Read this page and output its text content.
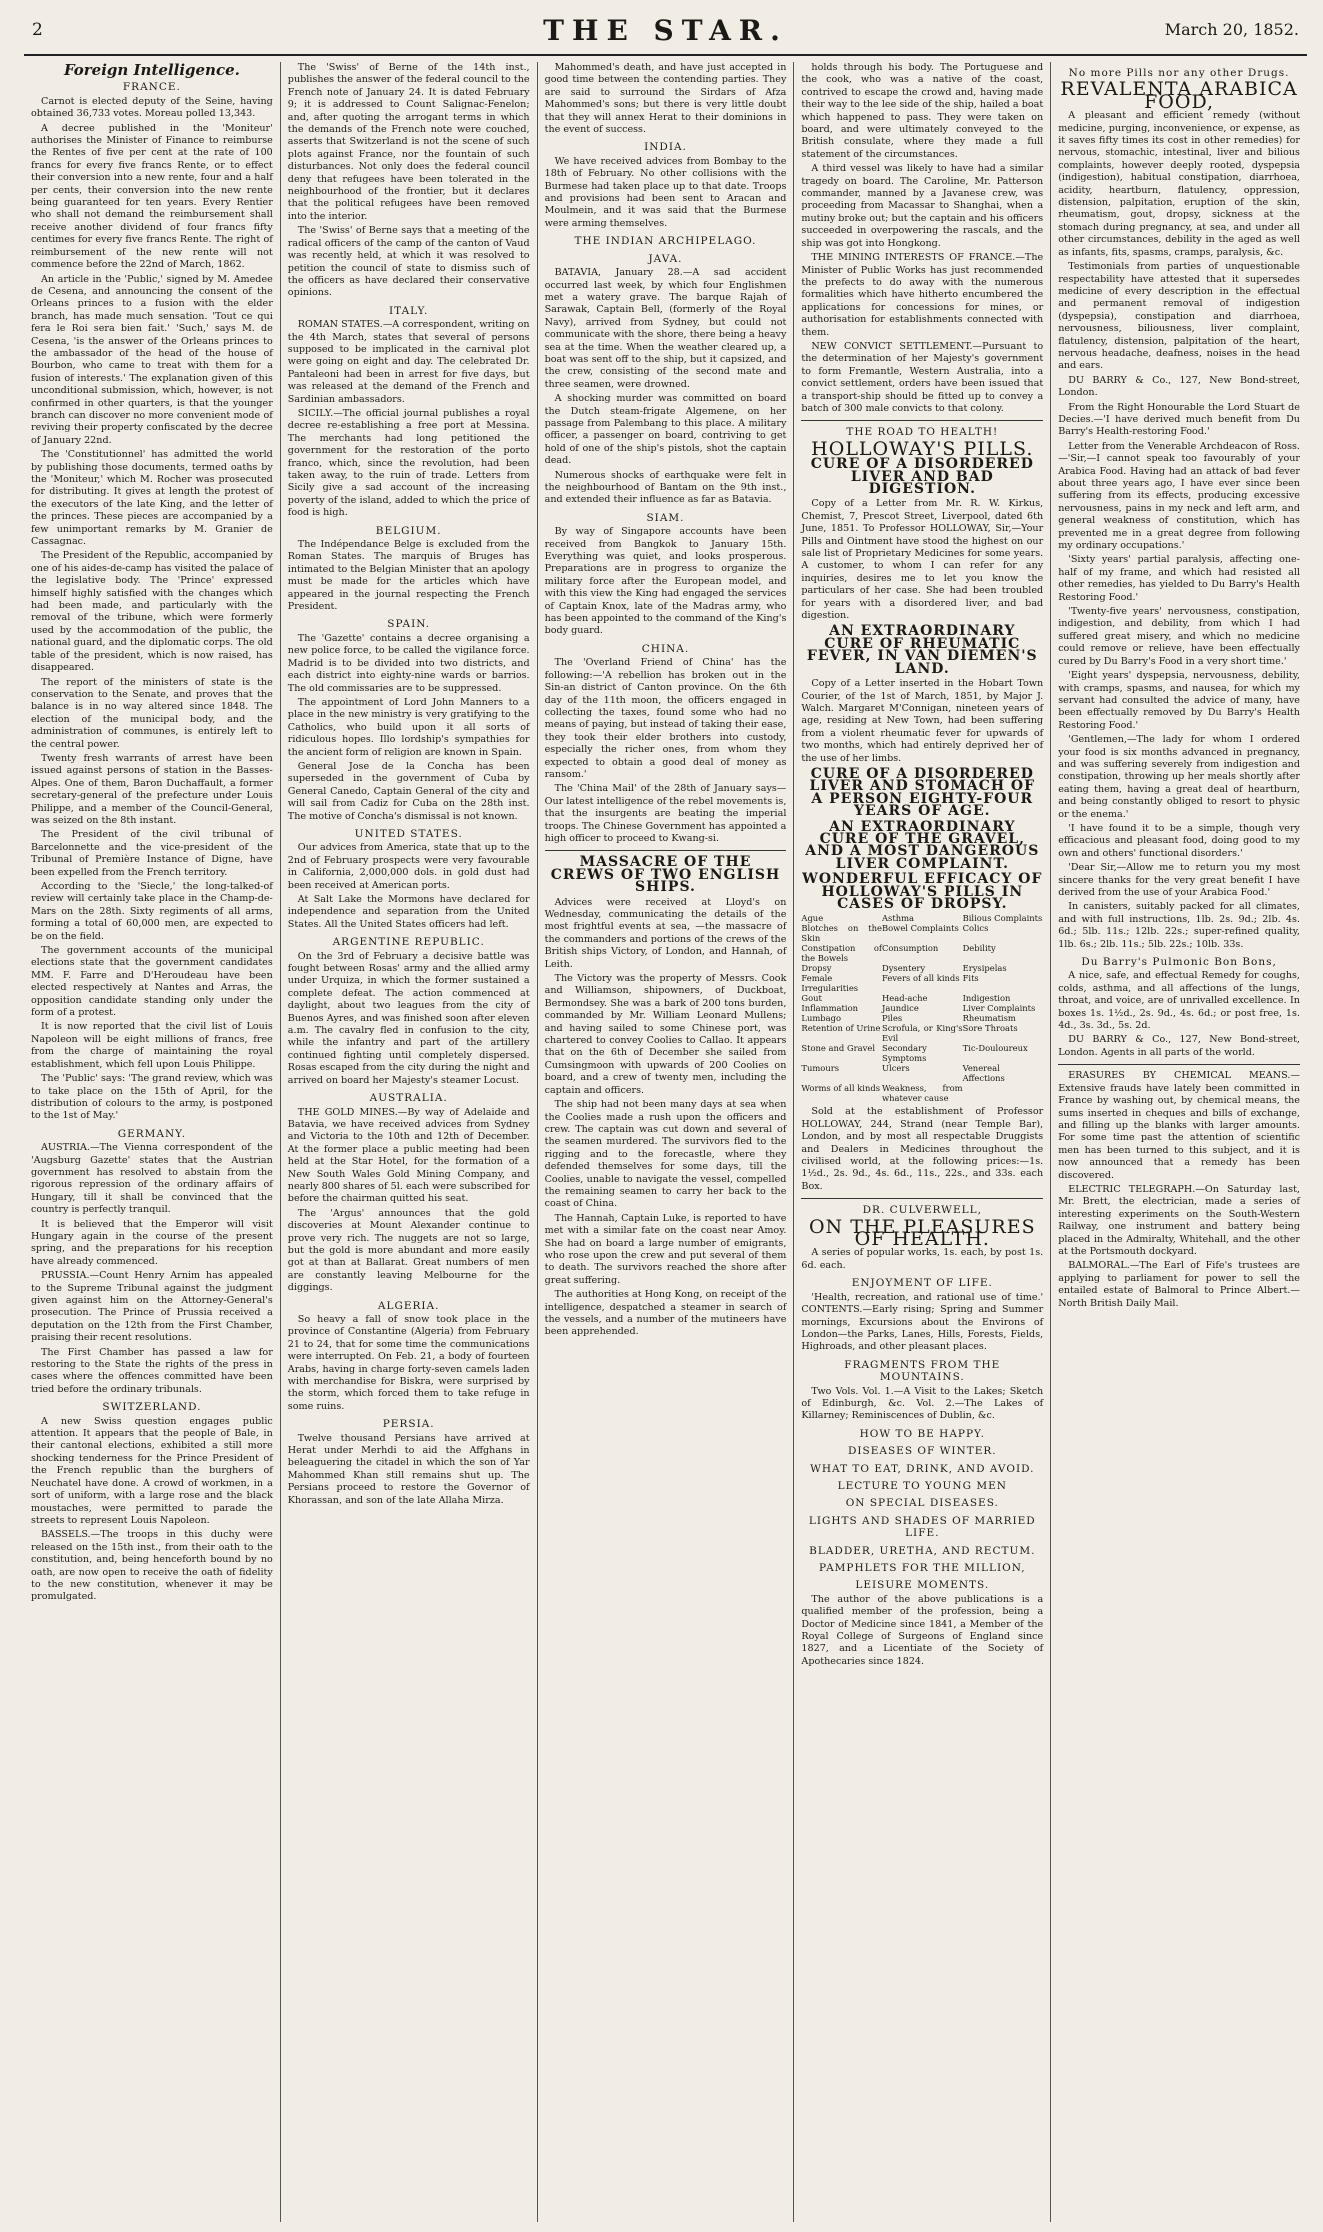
2	THE STAR.	March 20, 1852.
Foreign Intelligence.
FRANCE.

Carnot is elected deputy of the Seine, having obtained 36,733 votes. Moreau polled 13,343.

A decree published in the 'Moniteur' authorises the Minister of Finance to reimburse the Rentes of five per cent at the rate of 100 francs for every five francs Rente, or to effect their conversion into a new rente, four and a half per cents, their conversion into the new rente being guaranteed for ten years. Every Rentier who shall not demand the reimbursement shall receive another dividend of four francs fifty centimes for every five francs Rente. The right of reimbursement of the new rente will not commence before the 22nd of March, 1862.

An article in the 'Public,' signed by M. Amedee de Cesena, and announcing the consent of the Orleans princes to a fusion with the elder branch, has made much sensation. 'Tout ce qui fera le Roi sera bien fait.' 'Such,' says M. de Cesena, 'is the answer of the Orleans princes to the ambassador of the head of the house of Bourbon, who came to treat with them for a fusion of interests.' The explanation given of this unconditional submission, which, however, is not confirmed in other quarters, is that the younger branch can discover no more convenient mode of reviving their property confiscated by the decree of January 22nd.

The 'Constitutionnel' has admitted the world by publishing those documents, termed oaths by the 'Moniteur,' which M. Rocher was prosecuted for distributing. It gives at length the protest of the executors of the late King, and the letter of the princes. These pieces are accompanied by a few unimportant remarks by M. Granier de Cassagnac.

The President of the Republic, accompanied by one of his aides-de-camp has visited the palace of the legislative body. The 'Prince' expressed himself highly satisfied with the changes which had been made, and particularly with the removal of the tribune, which were formerly used by the accommodation of the public, the national guard, and the diplomatic corps. The old table of the president, which is now raised, has disappeared.

The report of the ministers of state is the conservation to the Senate, and proves that the balance is in no way altered since 1848. The election of the municipal body, and the administration of communes, is entirely left to the central power.

Twenty fresh warrants of arrest have been issued against persons of station in the Basses-Alpes. One of them, Baron Duchaffault, a former secretary-general of the prefecture under Louis Philippe, and a member of the Council-General, was seized on the 8th instant.

The President of the civil tribunal of Barcelonnette and the vice-president of the Tribunal of Première Instance of Digne, have been expelled from the French territory.

According to the 'Siecle,' the long-talked-of review will certainly take place in the Champ-de-Mars on the 28th. Sixty regiments of all arms, forming a total of 60,000 men, are expected to be on the field.

The government accounts of the municipal elections state that the government candidates MM. F. Farre and D'Heroudeau have been elected respectively at Nantes and Arras, the opposition candidate standing only under the form of a protest.

It is now reported that the civil list of Louis Napoleon will be eight millions of francs, free from the charge of maintaining the royal establishment, which fell upon Louis Philippe.

The 'Public' says: 'The grand review, which was to take place on the 15th of April, for the distribution of colours to the army, is postponed to the 1st of May.'

GERMANY.

AUSTRIA.—The Vienna correspondent of the 'Augsburg Gazette' states that the Austrian government has resolved to abstain from the rigorous repression of the ordinary affairs of Hungary, till it shall be convinced that the country is perfectly tranquil.

It is believed that the Emperor will visit Hungary again in the course of the present spring, and the preparations for his reception have already commenced.

PRUSSIA.—Count Henry Arnim has appealed to the Supreme Tribunal against the judgment given against him on the Attorney-General's prosecution. The Prince of Prussia received a deputation on the 12th from the First Chamber, praising their recent resolutions.

The First Chamber has passed a law for restoring to the State the rights of the press in cases where the offences committed have been tried before the ordinary tribunals.

SWITZERLAND.

A new Swiss question engages public attention. It appears that the people of Bale, in their cantonal elections, exhibited a still more shocking tenderness for the Prince President of the French republic than the burghers of Neuchatel have done. A crowd of workmen, in a sort of uniform, with a large rose and the black moustaches, were permitted to parade the streets to represent Louis Napoleon.

BASSELS.—The troops in this duchy were released on the 15th inst., from their oath to the constitution, and, being henceforth bound by no oath, are now open to receive the oath of fidelity to the new constitution, whenever it may be promulgated.

The 'Swiss' of Berne of the 14th inst., publishes the answer of the federal council to the French note of January 24. It is dated February 9; it is addressed to Count Salignac-Fenelon; and, after quoting the arrogant terms in which the demands of the French note were couched, asserts that Switzerland is not the scene of such plots against France, nor the fountain of such disturbances. Not only does the federal council deny that refugees have been tolerated in the neighbourhood of the frontier, but it declares that the political refugees have been removed into the interior.

The 'Swiss' of Berne says that a meeting of the radical officers of the camp of the canton of Vaud was recently held, at which it was resolved to petition the council of state to dismiss such of the officers as have declared their conservative opinions.

ITALY.

ROMAN STATES.—A correspondent, writing on the 4th March, states that several of persons supposed to be implicated in the carnival plot were going on eight and day. The celebrated Dr. Pantaleoni had been in arrest for five days, but was released at the demand of the French and Sardinian ambassadors.

SICILY.—The official journal publishes a royal decree re-establishing a free port at Messina. The merchants had long petitioned the government for the restoration of the porto franco, which, since the revolution, had been taken away, to the ruin of trade. Letters from Sicily give a sad account of the increasing poverty of the island, added to which the price of food is high.

BELGIUM.

The Indépendance Belge is excluded from the Roman States. The marquis of Bruges has intimated to the Belgian Minister that an apology must be made for the articles which have appeared in the journal respecting the French President.

SPAIN.

The 'Gazette' contains a decree organising a new police force, to be called the vigilance force. Madrid is to be divided into two districts, and each district into eighty-nine wards or barrios. The old commissaries are to be suppressed.

The appointment of Lord John Manners to a place in the new ministry is very gratifying to the Catholics, who build upon it all sorts of ridiculous hopes. Illo lordship's sympathies for the ancient form of religion are known in Spain.

General Jose de la Concha has been superseded in the government of Cuba by General Canedo, Captain General of the city and will sail from Cadiz for Cuba on the 28th inst. The motive of Concha's dismissal is not known.

UNITED STATES.

Our advices from America, state that up to the 2nd of February prospects were very favourable in California, 2,000,000 dols. in gold dust had been received at American ports.

At Salt Lake the Mormons have declared for independence and separation from the United States. All the United States officers had left.

ARGENTINE REPUBLIC.

On the 3rd of February a decisive battle was fought between Rosas' army and the allied army under Urquiza, in which the former sustained a complete defeat. The action commenced at daylight, about two leagues from the city of Buenos Ayres, and was finished soon after eleven a.m. The cavalry fled in confusion to the city, while the infantry and part of the artillery continued fighting until completely dispersed. Rosas escaped from the city during the night and arrived on board her Majesty's steamer Locust.

AUSTRALIA.

THE GOLD MINES.—By way of Adelaide and Batavia, we have received advices from Sydney and Victoria to the 10th and 12th of December. At the former place a public meeting had been held at the Star Hotel, for the formation of a New South Wales Gold Mining Company, and nearly 800 shares of 5l. each were subscribed for before the chairman quitted his seat.

The 'Argus' announces that the gold discoveries at Mount Alexander continue to prove very rich. The nuggets are not so large, but the gold is more abundant and more easily got at than at Ballarat. Great numbers of men are constantly leaving Melbourne for the diggings.

ALGERIA.

So heavy a fall of snow took place in the province of Constantine (Algeria) from February 21 to 24, that for some time the communications were interrupted. On Feb. 21, a body of fourteen Arabs, having in charge forty-seven camels laden with merchandise for Biskra, were surprised by the storm, which forced them to take refuge in some ruins.

PERSIA.

Twelve thousand Persians have arrived at Herat under Merhdi to aid the Affghans in beleaguering the citadel in which the son of Yar Mahommed Khan still remains shut up. The Persians proceed to restore the Governor of Khorassan, and son of the late Allaha Mirza.

Mahommed's death, and have just accepted in good time between the contending parties. They are said to surround the Sirdars of Afza Mahommed's sons; but there is very little doubt that they will annex Herat to their dominions in the event of success.

INDIA.

We have received advices from Bombay to the 18th of February. No other collisions with the Burmese had taken place up to that date. Troops and provisions had been sent to Aracan and Moulmein, and it was said that the Burmese were arming themselves.

THE INDIAN ARCHIPELAGO.
JAVA.

BATAVIA, January 28.—A sad accident occurred last week, by which four Englishmen met a watery grave. The barque Rajah of Sarawak, Captain Bell, (formerly of the Royal Navy), arrived from Sydney, but could not communicate with the shore, there being a heavy sea at the time. When the weather cleared up, a boat was sent off to the ship, but it capsized, and the crew, consisting of the second mate and three seamen, were drowned.

A shocking murder was committed on board the Dutch steam-frigate Algemene, on her passage from Palembang to this place. A military officer, a passenger on board, contriving to get hold of one of the ship's pistols, shot the captain dead.

Numerous shocks of earthquake were felt in the neighbourhood of Bantam on the 9th inst., and extended their influence as far as Batavia.

SIAM.

By way of Singapore accounts have been received from Bangkok to January 15th. Everything was quiet, and looks prosperous. Preparations are in progress to organize the military force after the European model, and with this view the King had engaged the services of Captain Knox, late of the Madras army, who has been appointed to the command of the King's body guard.

CHINA.

The 'Overland Friend of China' has the following:—'A rebellion has broken out in the Sin-an district of Canton province. On the 6th day of the 11th moon, the officers engaged in collecting the taxes, found some who had no means of paying, but instead of taking their ease, they took their elder brothers into custody, especially the richer ones, from whom they expected to obtain a good deal of money as ransom.'

The 'China Mail' of the 28th of January says—Our latest intelligence of the rebel movements is, that the insurgents are beating the imperial troops. The Chinese Government has appointed a high officer to proceed to Kwang-si.

MASSACRE OF THE CREWS OF TWO ENGLISH SHIPS.

Advices were received at Lloyd's on Wednesday, communicating the details of the most frightful events at sea, —the massacre of the commanders and portions of the crews of the British ships Victory, of London, and Hannah, of Leith.

The Victory was the property of Messrs. Cook and Williamson, shipowners, of Duckboat, Bermondsey. She was a bark of 200 tons burden, commanded by Mr. William Leonard Mullens; and having sailed to some Chinese port, was chartered to convey Coolies to Callao. It appears that on the 6th of December she sailed from Cumsingmoon with upwards of 200 Coolies on board, and a crew of twenty men, including the captain and officers.

The ship had not been many days at sea when the Coolies made a rush upon the officers and crew. The captain was cut down and several of the seamen murdered. The survivors fled to the rigging and to the forecastle, where they defended themselves for some days, till the Coolies, unable to navigate the vessel, compelled the remaining seamen to carry her back to the coast of China.

The Hannah, Captain Luke, is reported to have met with a similar fate on the coast near Amoy. She had on board a large number of emigrants, who rose upon the crew and put several of them to death. The survivors reached the shore after great suffering.

The authorities at Hong Kong, on receipt of the intelligence, despatched a steamer in search of the vessels, and a number of the mutineers have been apprehended.

holds through his body. The Portuguese and the cook, who was a native of the coast, contrived to escape the crowd and, having made their way to the lee side of the ship, hailed a boat which happened to pass. They were taken on board, and were ultimately conveyed to the British consulate, where they made a full statement of the circumstances.

A third vessel was likely to have had a similar tragedy on board. The Caroline, Mr. Patterson commander, manned by a Javanese crew, was proceeding from Macassar to Shanghai, when a mutiny broke out; but the captain and his officers succeeded in overpowering the rascals, and the ship was got into Hongkong.

THE MINING INTERESTS OF FRANCE.—The Minister of Public Works has just recommended the prefects to do away with the numerous formalities which have hitherto encumbered the applications for concessions for mines, or authorisation for establishments connected with them.

NEW CONVICT SETTLEMENT.—Pursuant to the determination of her Majesty's government to form Fremantle, Western Australia, into a convict settlement, orders have been issued that a transport-ship should be fitted up to convey a batch of 300 male convicts to that colony.

THE ROAD TO HEALTH!
HOLLOWAY'S PILLS.
CURE OF A DISORDERED LIVER AND BAD DIGESTION.

Copy of a Letter from Mr. R. W. Kirkus, Chemist, 7, Prescot Street, Liverpool, dated 6th June, 1851. To Professor HOLLOWAY, Sir,—Your Pills and Ointment have stood the highest on our sale list of Proprietary Medicines for some years. A customer, to whom I can refer for any inquiries, desires me to let you know the particulars of her case. She had been troubled for years with a disordered liver, and bad digestion.

AN EXTRAORDINARY CURE OF RHEUMATIC FEVER, IN VAN DIEMEN'S LAND.

Copy of a Letter inserted in the Hobart Town Courier, of the 1st of March, 1851, by Major J. Walch. Margaret M'Connigan, nineteen years of age, residing at New Town, had been suffering from a violent rheumatic fever for upwards of two months, which had entirely deprived her of the use of her limbs.

CURE OF A DISORDERED LIVER AND STOMACH OF A PERSON EIGHTY-FOUR YEARS OF AGE.
AN EXTRAORDINARY CURE OF THE GRAVEL, AND A MOST DANGEROUS LIVER COMPLAINT.
WONDERFUL EFFICACY OF HOLLOWAY'S PILLS IN CASES OF DROPSY.
Ague	Asthma	Bilious Complaints
Blotches on the Skin
Bowel Complaints Colics
Constipation of the Bowels
Consumption	Debility
Dropsy	Dysentery	Erysipelas
Female Irregularities
Fevers of all kinds Fits
Gout	Head-ache	Indigestion
Inflammation	Jaundice	Liver Complaints
Lumbago	Piles	Rheumatism
Retention of Urine Scrofula, or King's Evil
Sore Throats
Stone and Gravel Secondary Symptoms
Tic-Douloureux
Tumours	Ulcers	Venereal Affections
Worms of all kinds Weakness, from whatever cause

Sold at the establishment of Professor HOLLOWAY, 244, Strand (near Temple Bar), London, and by most all respectable Druggists and Dealers in Medicines throughout the civilised world, at the following prices:—1s. 1½d., 2s. 9d., 4s. 6d., 11s., 22s., and 33s. each Box.

DR. CULVERWELL,
ON THE PLEASURES OF HEALTH.

A series of popular works, 1s. each, by post 1s. 6d. each.

ENJOYMENT OF LIFE.

'Health, recreation, and rational use of time.' CONTENTS.—Early rising; Spring and Summer mornings, Excursions about the Environs of London—the Parks, Lanes, Hills, Forests, Fields, Highroads, and other pleasant places.

FRAGMENTS FROM THE MOUNTAINS.

Two Vols. Vol. 1.—A Visit to the Lakes; Sketch of Edinburgh, &c. Vol. 2.—The Lakes of Killarney; Reminiscences of Dublin, &c.

HOW TO BE HAPPY.
DISEASES OF WINTER.
WHAT TO EAT, DRINK, AND AVOID.
LECTURE TO YOUNG MEN
ON SPECIAL DISEASES.
LIGHTS AND SHADES OF MARRIED LIFE.
BLADDER, URETHA, AND RECTUM.
PAMPHLETS FOR THE MILLION,
LEISURE MOMENTS.

The author of the above publications is a qualified member of the profession, being a Doctor of Medicine since 1841, a Member of the Royal College of Surgeons of England since 1827, and a Licentiate of the Society of Apothecaries since 1824.

No more Pills nor any other Drugs.
REVALENTA ARABICA FOOD,

A pleasant and efficient remedy (without medicine, purging, inconvenience, or expense, as it saves fifty times its cost in other remedies) for nervous, stomachic, intestinal, liver and bilious complaints, however deeply rooted, dyspepsia (indigestion), habitual constipation, diarrhoea, acidity, heartburn, flatulency, oppression, distension, palpitation, eruption of the skin, rheumatism, gout, dropsy, sickness at the stomach during pregnancy, at sea, and under all other circumstances, debility in the aged as well as infants, fits, spasms, cramps, paralysis, &c.

Testimonials from parties of unquestionable respectability have attested that it supersedes medicine of every description in the effectual and permanent removal of indigestion (dyspepsia), constipation and diarrhoea, nervousness, biliousness, liver complaint, flatulency, distension, palpitation of the heart, nervous headache, deafness, noises in the head and ears.

DU BARRY & Co., 127, New Bond-street, London.

From the Right Honourable the Lord Stuart de Decies.—'I have derived much benefit from Du Barry's Health-restoring Food.'

Letter from the Venerable Archdeacon of Ross.—'Sir,—I cannot speak too favourably of your Arabica Food. Having had an attack of bad fever about three years ago, I have ever since been suffering from its effects, producing excessive nervousness, pains in my neck and left arm, and general weakness of constitution, which has prevented me in a great degree from following my ordinary occupations.'

'Sixty years' partial paralysis, affecting one-half of my frame, and which had resisted all other remedies, has yielded to Du Barry's Health Restoring Food.'

'Twenty-five years' nervousness, constipation, indigestion, and debility, from which I had suffered great misery, and which no medicine could remove or relieve, have been effectually cured by Du Barry's Food in a very short time.'

'Eight years' dyspepsia, nervousness, debility, with cramps, spasms, and nausea, for which my servant had consulted the advice of many, have been effectually removed by Du Barry's Health Restoring Food.'

'Gentlemen,—The lady for whom I ordered your food is six months advanced in pregnancy, and was suffering severely from indigestion and constipation, throwing up her meals shortly after eating them, having a great deal of heartburn, and being constantly obliged to resort to physic or the enema.'

'I have found it to be a simple, though very efficacious and pleasant food, doing good to my own and others' functional disorders.'

'Dear Sir,—Allow me to return you my most sincere thanks for the very great benefit I have derived from the use of your Arabica Food.'

In canisters, suitably packed for all climates, and with full instructions, 1lb. 2s. 9d.; 2lb. 4s. 6d.; 5lb. 11s.; 12lb. 22s.; super-refined quality, 1lb. 6s.; 2lb. 11s.; 5lb. 22s.; 10lb. 33s.

Du Barry's Pulmonic Bon Bons,

A nice, safe, and effectual Remedy for coughs, colds, asthma, and all affections of the lungs, throat, and voice, are of unrivalled excellence. In boxes 1s. 1½d., 2s. 9d., 4s. 6d.; or post free, 1s. 4d., 3s. 3d., 5s. 2d.

DU BARRY & Co., 127, New Bond-street, London. Agents in all parts of the world.

ERASURES BY CHEMICAL MEANS.—Extensive frauds have lately been committed in France by washing out, by chemical means, the sums inserted in cheques and bills of exchange, and filling up the blanks with larger amounts. For some time past the attention of scientific men has been turned to this subject, and it is now announced that a remedy has been discovered.

ELECTRIC TELEGRAPH.—On Saturday last, Mr. Brett, the electrician, made a series of interesting experiments on the South-Western Railway, one instrument and battery being placed in the Admiralty, Whitehall, and the other at the Portsmouth dockyard.

BALMORAL.—The Earl of Fife's trustees are applying to parliament for power to sell the entailed estate of Balmoral to Prince Albert.—North British Daily Mail.
